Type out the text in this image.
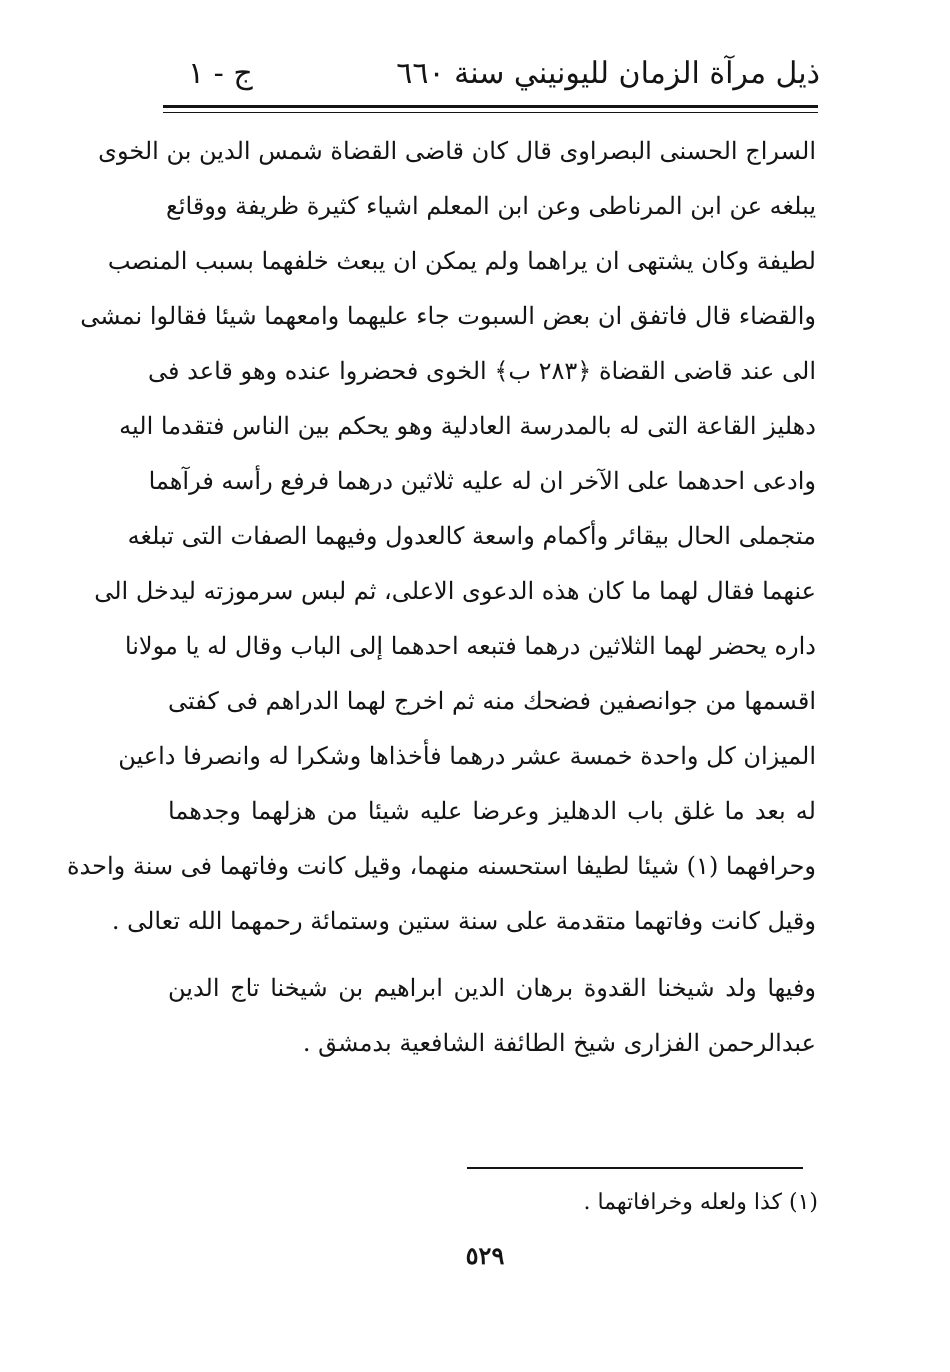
ذيل مرآة الزمان لليونيني سنة ٦٦٠
ج - ١
السراج الحسنى البصراوى قال كان قاضى القضاة شمس الدين بن الخوى
يبلغه عن ابن المرناطى وعن ابن المعلم اشياء كثيرة ظريفة ووقائع
لطيفة وكان يشتهى ان يراهما ولم يمكن ان يبعث خلفهما بسبب المنصب
والقضاء قال فاتفق ان بعض السبوت جاء عليهما وامعهما شيئا فقالوا نمشى
الى عند قاضى القضاة ﴿٢٨٣ ب﴾ الخوى فحضروا عنده وهو قاعد فى
دهليز القاعة التى له بالمدرسة العادلية وهو يحكم بين الناس فتقدما اليه
وادعى احدهما على الآخر ان له عليه ثلاثين درهما فرفع رأسه فرآهما
متجملى الحال بيقائر وأكمام واسعة كالعدول وفيهما الصفات التى تبلغه
عنهما فقال لهما ما كان هذه الدعوى الاعلى، ثم لبس سرموزته ليدخل الى
داره يحضر لهما الثلاثين درهما فتبعه احدهما إلى الباب وقال له يا مولانا
اقسمها من جوانصفين فضحك منه ثم اخرج لهما الدراهم فى كفتى
الميزان كل واحدة خمسة عشر درهما فأخذاها وشكرا له وانصرفا داعين
له بعد ما غلق باب الدهليز وعرضا عليه شيئا من هزلهما وجدهما
وحرافهما (١) شيئا لطيفا استحسنه منهما، وقيل كانت وفاتهما فى سنة واحدة
وقيل كانت وفاتهما متقدمة على سنة ستين وستمائة رحمهما الله تعالى .
وفيها ولد شيخنا القدوة برهان الدين ابراهيم بن شيخنا تاج الدين
عبدالرحمن الفزارى شيخ الطائفة الشافعية بدمشق .
(١) كذا ولعله وخرافاتهما .
٥٢٩
